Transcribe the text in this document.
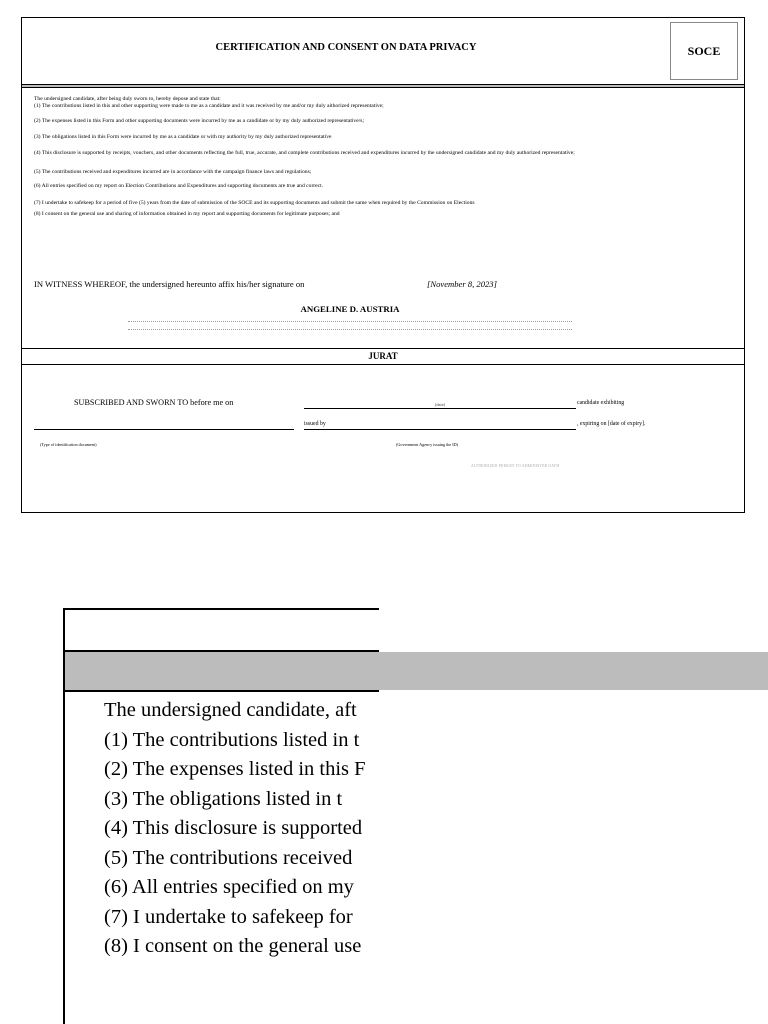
CERTIFICATION AND CONSENT ON DATA PRIVACY	SOCE
The undersigned candidate, after being duly sworn to, hereby depose and state that:
(1) The contributions listed in this and other supporting were made to me as a candidate and it was received by me and/or my duly aithorized representative;
(2) The expenses listed in this Form and other supporting documents were incurred by me as a candidate or by my duly authorized representative/s;
(3) The obligations listed in this Form were incurred by me as a candidate or with my authority by my duly authorized representative
(4) This disclosure is supported by receipts, vouchers, and other documents reflecting the full, true, accurate, and complete contributions received and expenditures incurred by the undersigned candidate and my duly authorized representative;
(5) The contributions received and expenditures incurred are in accordance with the campaign finance laws and regulations;
(6) All entries specified on my report on Election Contributions and Expenditures and supporting documents are true and correct.
(7) I undertake to safekeep for a period of five (5) years from the date of submission of the SOCE and its supporting documents and submit the same when required by the Commission on Elections
(8) I consent on the general use and sharing of information obtained in my report and supporting documents for legitimate purposes; and
IN WITNESS WHEREOF, the undersigned hereunto affix his/her signature on	[November 8, 2023]
ANGELINE D. AUSTRIA
JURAT
SUBSCRIBED AND SWORN TO before me on	(date)	candidate exhibiting
issued by	, expiring on [date of expiry].
(Type of identification document)	(Government Agency issuing the ID)
AUTHORIZED PERSON TO ADMINISTER OATH
The undersigned candidate, aft
(1) The contributions listed in t
(2) The expenses listed in this F
(3) The obligations listed in t
(4) This disclosure is supported
(5) The contributions received
(6) All entries specified on my
(7) I undertake to safekeep for
(8) I consent on the general use
